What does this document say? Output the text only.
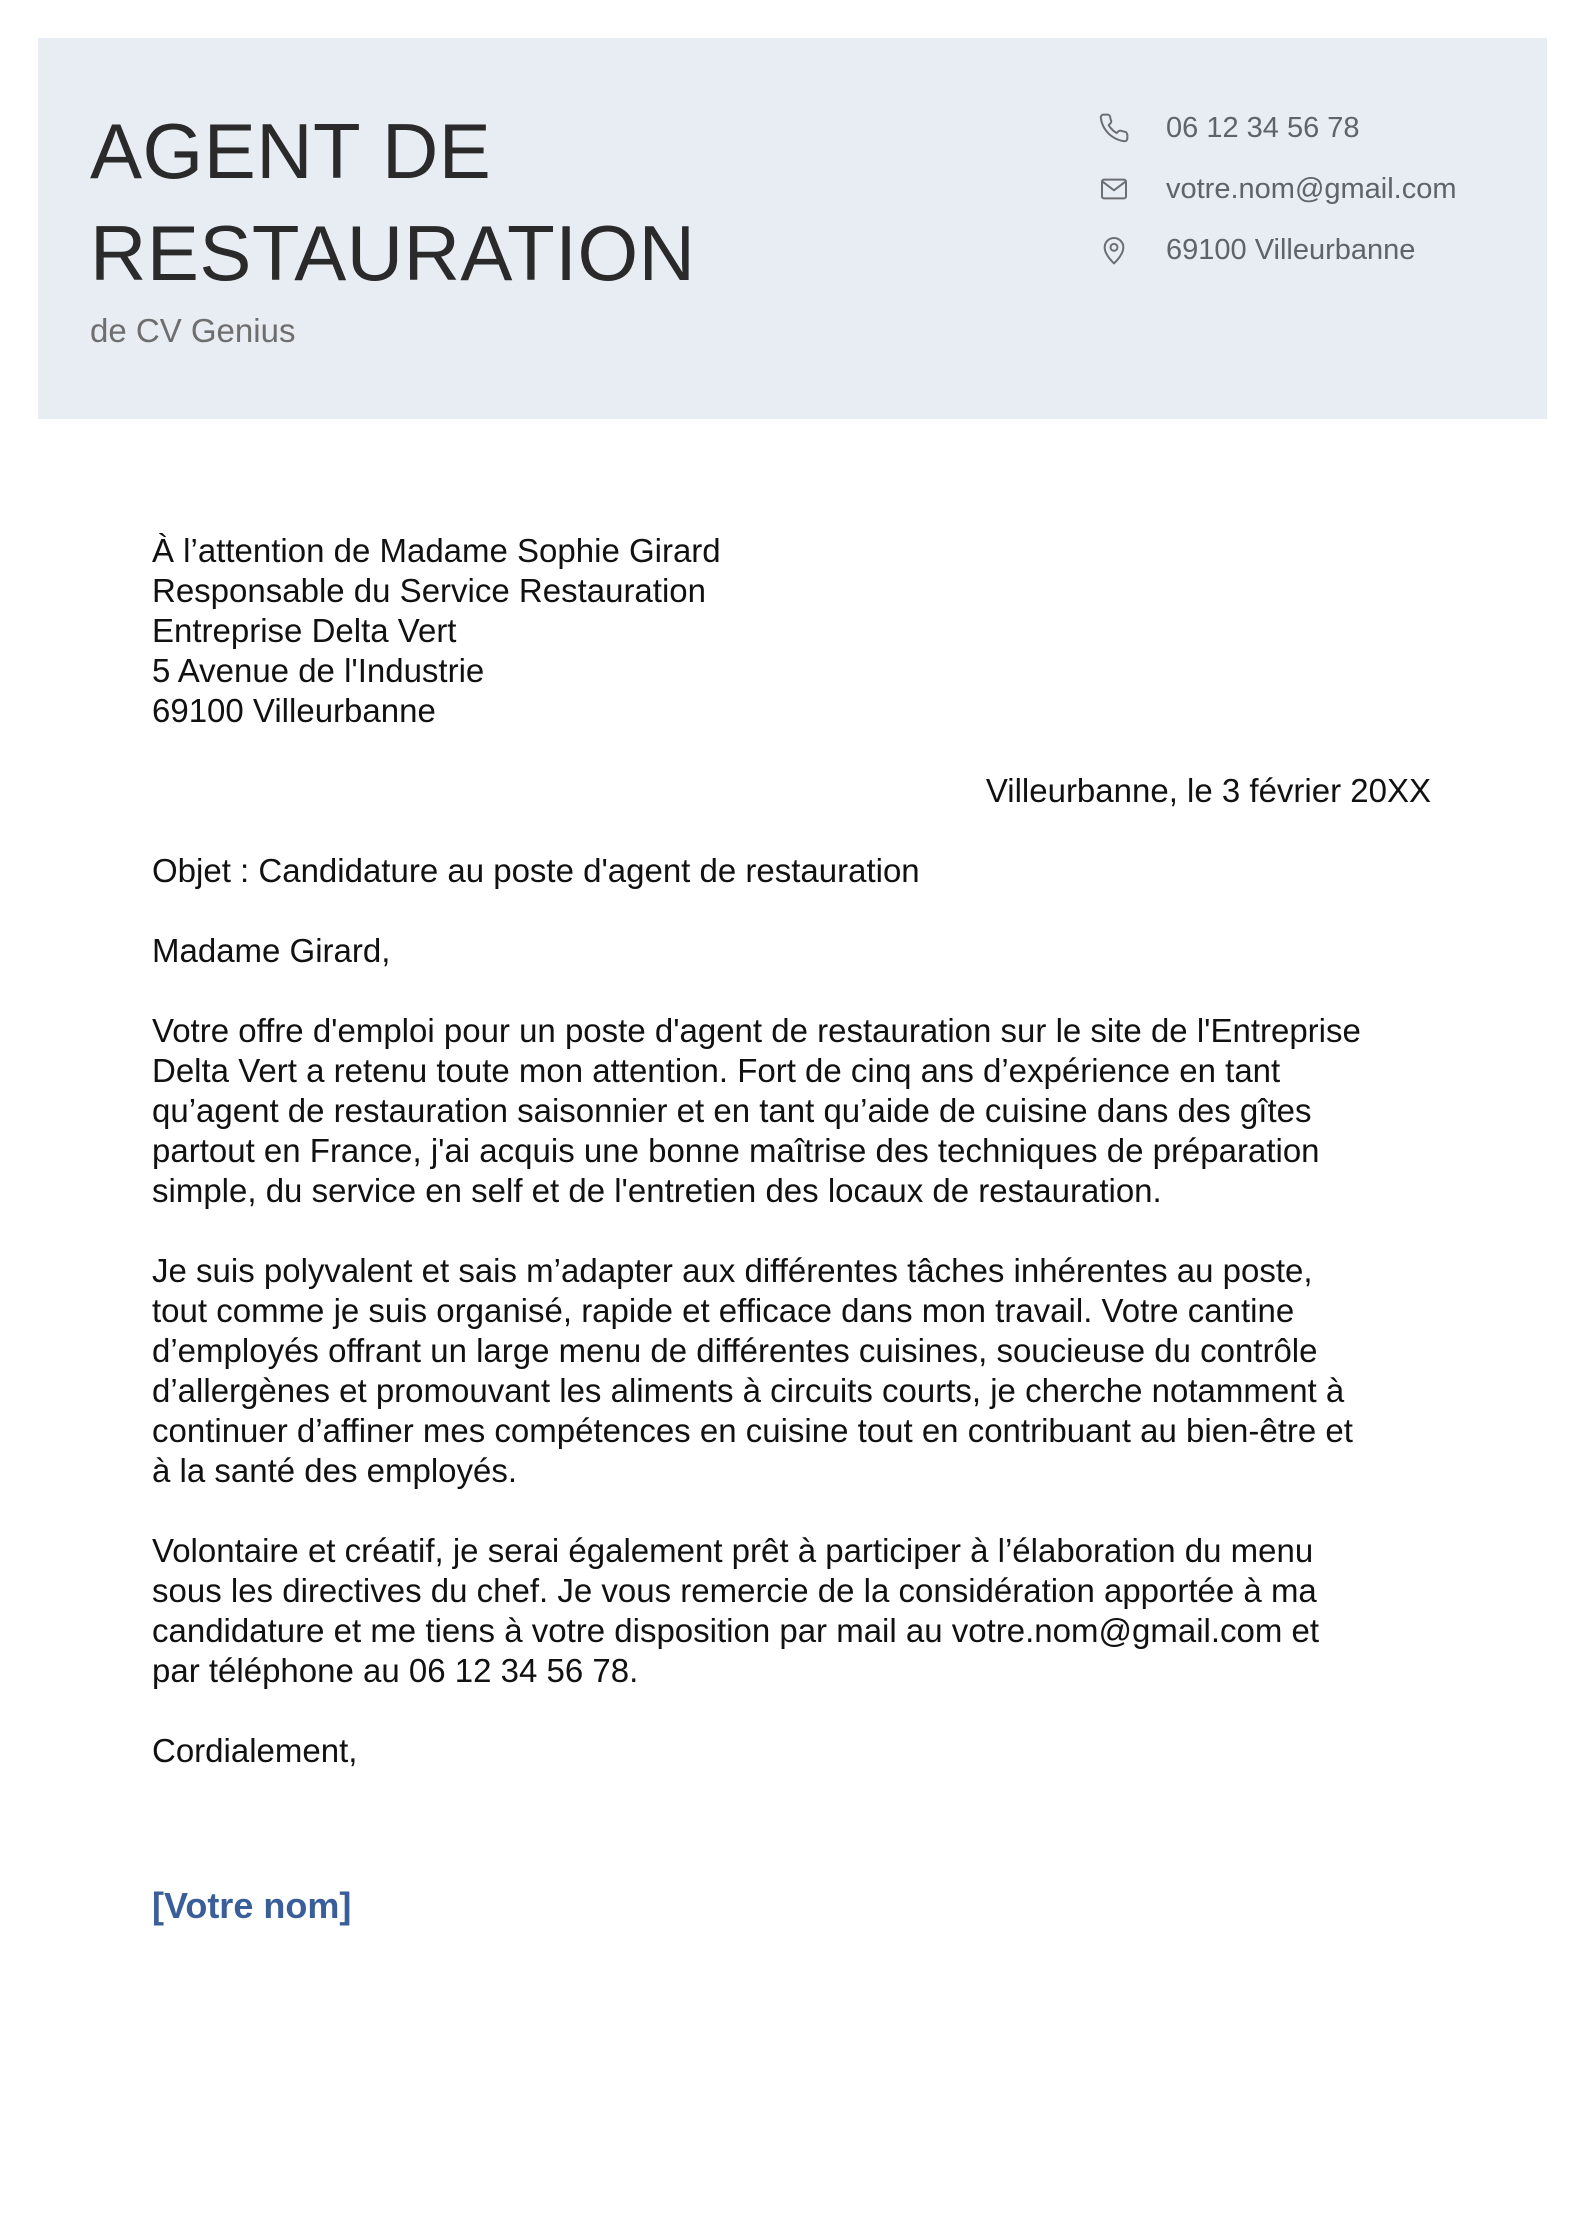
AGENT DE
RESTAURATION
de CV Genius
06 12 34 56 78
votre.nom@gmail.com
69100 Villeurbanne
À l’attention de Madame Sophie Girard
Responsable du Service Restauration
Entreprise Delta Vert
5 Avenue de l'Industrie
69100 Villeurbanne
Villeurbanne, le 3 février 20XX
Objet : Candidature au poste d'agent de restauration
Madame Girard,
Votre offre d'emploi pour un poste d'agent de restauration sur le site de l'Entreprise
Delta Vert a retenu toute mon attention. Fort de cinq ans d’expérience en tant
qu’agent de restauration saisonnier et en tant qu’aide de cuisine dans des gîtes
partout en France, j'ai acquis une bonne maîtrise des techniques de préparation
simple, du service en self et de l'entretien des locaux de restauration.
Je suis polyvalent et sais m’adapter aux différentes tâches inhérentes au poste,
tout comme je suis organisé, rapide et efficace dans mon travail. Votre cantine
d’employés offrant un large menu de différentes cuisines, soucieuse du contrôle
d’allergènes et promouvant les aliments à circuits courts, je cherche notamment à
continuer d’affiner mes compétences en cuisine tout en contribuant au bien-être et
à la santé des employés.
Volontaire et créatif, je serai également prêt à participer à l’élaboration du menu
sous les directives du chef. Je vous remercie de la considération apportée à ma
candidature et me tiens à votre disposition par mail au votre.nom@gmail.com et
par téléphone au 06 12 34 56 78.
Cordialement,
[Votre nom]
